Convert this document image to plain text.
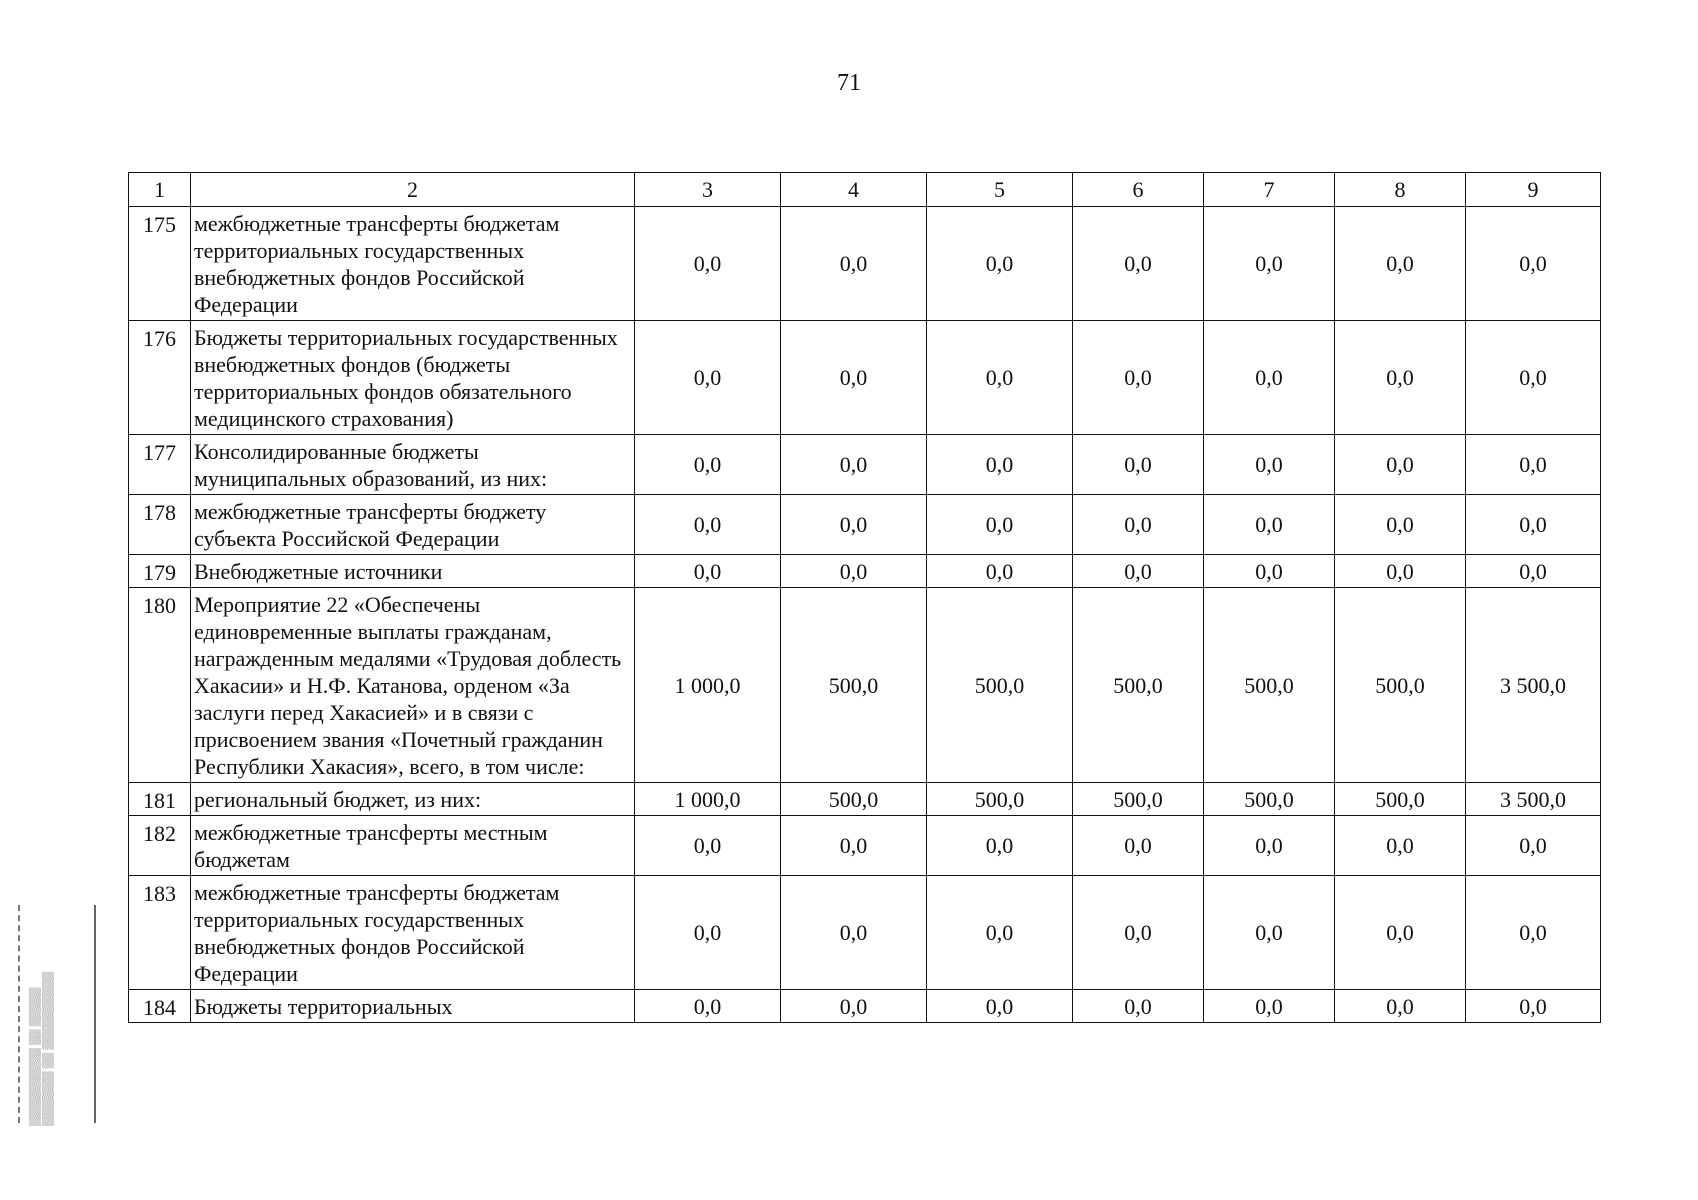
71
1	2	3	4	5	6	7	8	9
175	межбюджетные трансферты бюджетам территориальных государственных внебюджетных фондов Российской Федерации	0,0	0,0	0,0	0,0	0,0	0,0	0,0
176	Бюджеты территориальных государственных внебюджетных фондов (бюджеты территориальных фондов обязательного медицинского страхования)	0,0	0,0	0,0	0,0	0,0	0,0	0,0
177	Консолидированные бюджеты муниципальных образований, из них:	0,0	0,0	0,0	0,0	0,0	0,0	0,0
178	межбюджетные трансферты бюджету субъекта Российской Федерации	0,0	0,0	0,0	0,0	0,0	0,0	0,0
179	Внебюджетные источники	0,0	0,0	0,0	0,0	0,0	0,0	0,0
180	Мероприятие 22 «Обеспечены единовременные выплаты гражданам, награжденным медалями «Трудовая доблесть Хакасии» и Н.Ф. Катанова, орденом «За заслуги перед Хакасией» и в связи с присвоением звания «Почетный гражданин Республики Хакасия», всего, в том числе:	1 000,0	500,0	500,0	500,0	500,0	500,0	3 500,0
181	региональный бюджет, из них:	1 000,0	500,0	500,0	500,0	500,0	500,0	3 500,0
182	межбюджетные трансферты местным бюджетам	0,0	0,0	0,0	0,0	0,0	0,0	0,0
183	межбюджетные трансферты бюджетам территориальных государственных внебюджетных фондов Российской Федерации	0,0	0,0	0,0	0,0	0,0	0,0	0,0
184	Бюджеты территориальных	0,0	0,0	0,0	0,0	0,0	0,0	0,0
▒▒▒▒▒▒▒▒▒▒ ▒▒ ▒▒▒▒▒
▒▒▒▒▒▒▒ ▒▒ ▒▒▒▒▒▒▒▒▒▒
